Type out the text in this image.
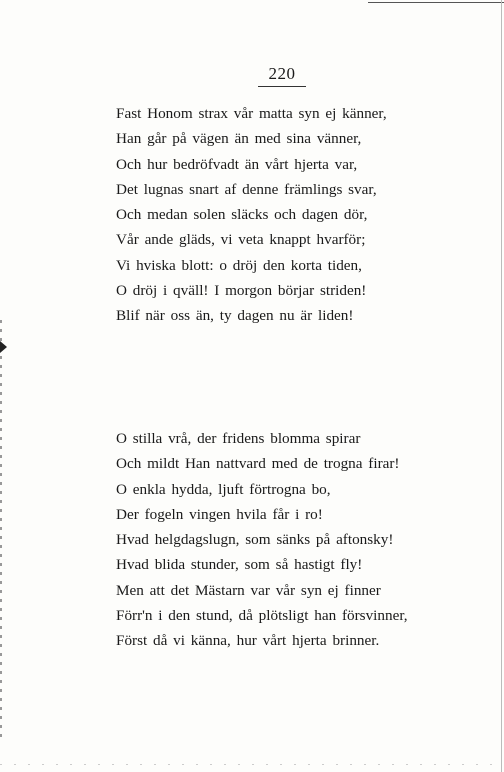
220
Fast Honom strax vår matta syn ej känner,
Han går på vägen än med sina vänner,
Och hur bedröfvadt än vårt hjerta var,
Det lugnas snart af denne främlings svar,
Och medan solen släcks och dagen dör,
Vår ande gläds, vi veta knappt hvarför;
Vi hviska blott: o dröj den korta tiden,
O dröj i qväll! I morgon börjar striden!
Blif när oss än, ty dagen nu är liden!
O stilla vrå, der fridens blomma spirar
Och mildt Han nattvard med de trogna firar!
O enkla hydda, ljuft förtrogna bo,
Der fogeln vingen hvila får i ro!
Hvad helgdagslugn, som sänks på aftonsky!
Hvad blida stunder, som så hastigt fly!
Men att det Mästarn var vår syn ej finner
Förr'n i den stund, då plötsligt han försvinner,
Först då vi känna, hur vårt hjerta brinner.
